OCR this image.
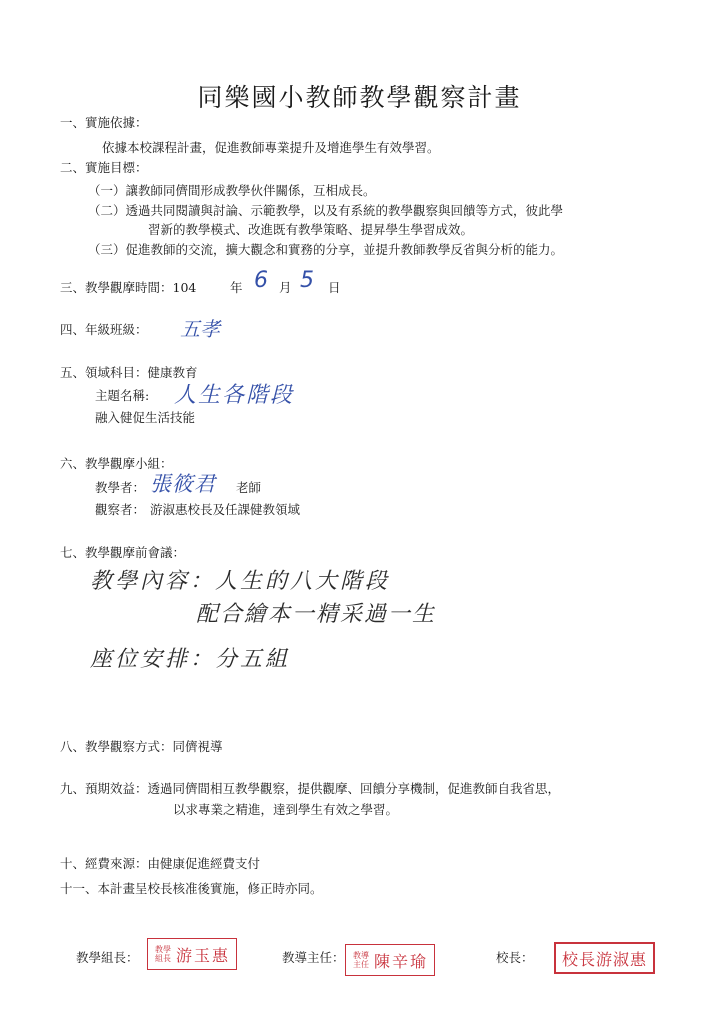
同樂國小教師教學觀察計畫
一、實施依據：
依據本校課程計畫，促進教師專業提升及增進學生有效學習。
二、實施目標：
（一）讓教師同儕間形成教學伙伴關係，互相成長。
（二）透過共同閱讀與討論、示範教學，以及有系統的教學觀察與回饋等方式，彼此學
習新的教學模式、改進既有教學策略、提昇學生學習成效。
（三）促進教師的交流，擴大觀念和實務的分享，並提升教師教學反省與分析的能力。
三、教學觀摩時間：104	年 6 月 5 日
四、年級班級： 五孝
五、領域科目：健康教育
主題名稱: 人生各階段
融入健促生活技能
六、教學觀摩小組：
教學者： 張筱君 老師
觀察者： 游淑惠校長及任課健教領域
七、教學觀摩前會議：
教學內容：人生的八大階段
配合繪本一精采過一生
座位安排：分五組
八、教學觀察方式：同儕視導
九、預期效益：透過同儕間相互教學觀察，提供觀摩、回饋分享機制，促進教師自我省思，
以求專業之精進，達到學生有效之學習。
十、經費來源：由健康促進經費支付
十一、本計畫呈校長核准後實施，修正時亦同。
教學組長：
教學組長 游玉惠	教導主任： 教導主任 陳辛瑜	校長： 校長游淑惠
